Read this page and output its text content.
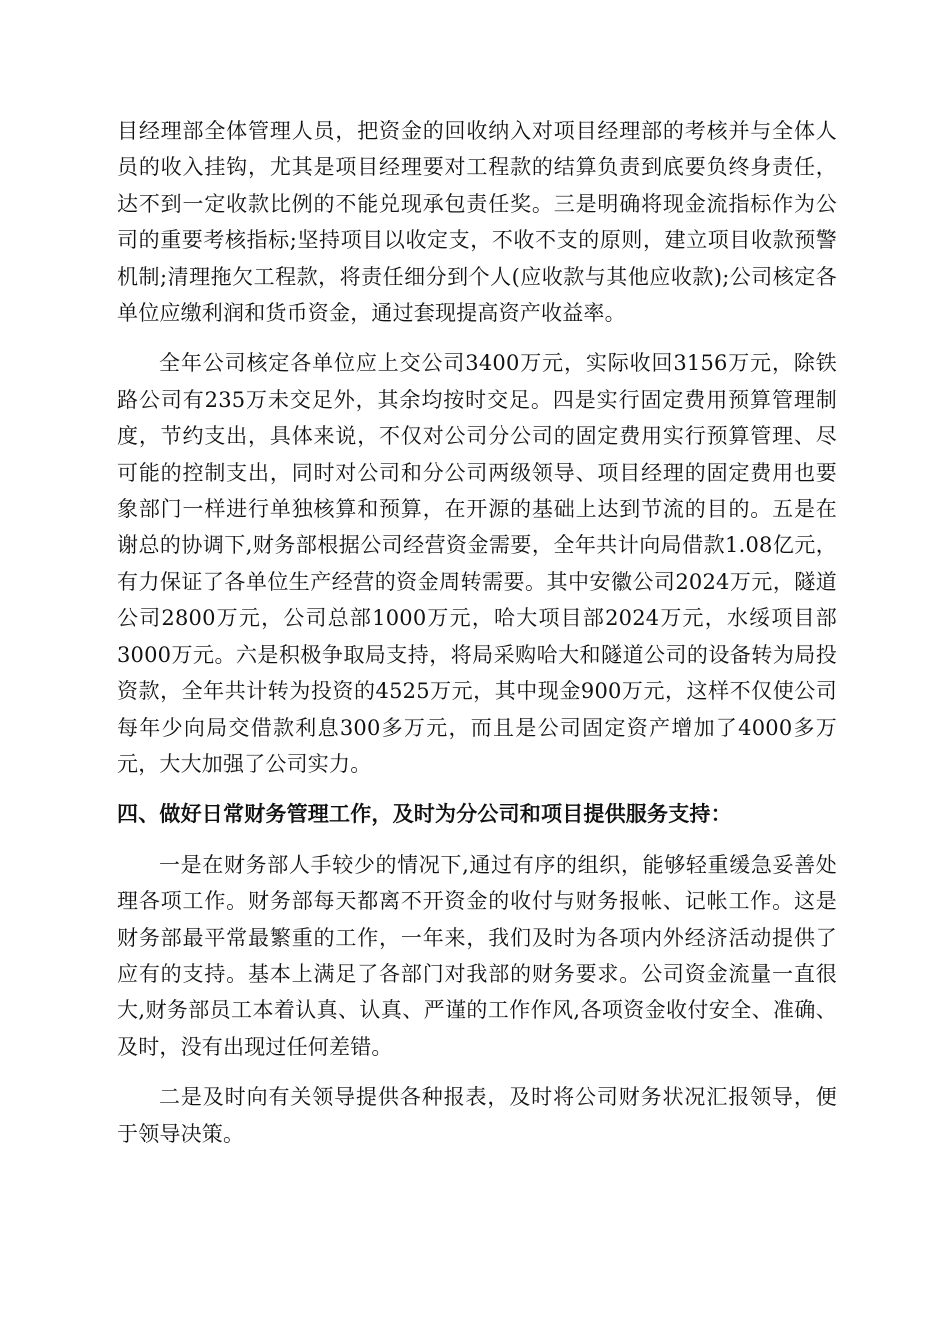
目经理部全体管理人员，把资金的回收纳入对项目经理部的考核并与全体人员的收入挂钩，尤其是项目经理要对工程款的结算负责到底要负终身责任，达不到一定收款比例的不能兑现承包责任奖。三是明确将现金流指标作为公司的重要考核指标;坚持项目以收定支，不收不支的原则，建立项目收款预警机制;清理拖欠工程款，将责任细分到个人(应收款与其他应收款);公司核定各单位应缴利润和货币资金，通过套现提高资产收益率。

全年公司核定各单位应上交公司3400万元，实际收回3156万元，除铁路公司有235万未交足外，其余均按时交足。四是实行固定费用预算管理制度，节约支出，具体来说，不仅对公司分公司的固定费用实行预算管理、尽可能的控制支出，同时对公司和分公司两级领导、项目经理的固定费用也要象部门一样进行单独核算和预算，在开源的基础上达到节流的目的。五是在谢总的协调下,财务部根据公司经营资金需要，全年共计向局借款1.08亿元，有力保证了各单位生产经营的资金周转需要。其中安徽公司2024万元，隧道公司2800万元，公司总部1000万元，哈大项目部2024万元，水绥项目部3000万元。六是积极争取局支持，将局采购哈大和隧道公司的设备转为局投资款，全年共计转为投资的4525万元，其中现金900万元，这样不仅使公司每年少向局交借款利息300多万元，而且是公司固定资产增加了4000多万元，大大加强了公司实力。

四、做好日常财务管理工作，及时为分公司和项目提供服务支持：

一是在财务部人手较少的情况下,通过有序的组织，能够轻重缓急妥善处理各项工作。财务部每天都离不开资金的收付与财务报帐、记帐工作。这是财务部最平常最繁重的工作，一年来，我们及时为各项内外经济活动提供了应有的支持。基本上满足了各部门对我部的财务要求。公司资金流量一直很大,财务部员工本着认真、认真、严谨的工作作风,各项资金收付安全、准确、及时，没有出现过任何差错。

二是及时向有关领导提供各种报表，及时将公司财务状况汇报领导，便于领导决策。
